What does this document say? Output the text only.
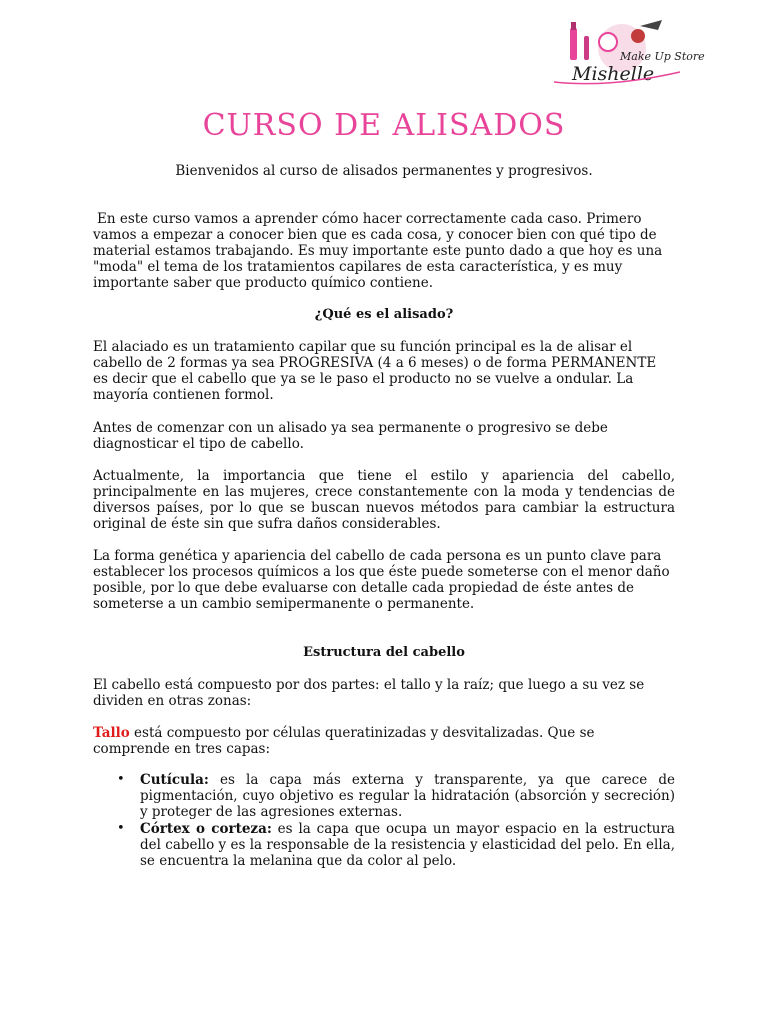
Make Up Store
Mishelle
CURSO DE ALISADOS

Bienvenidos al curso de alisados permanentes y progresivos.

En este curso vamos a aprender cómo hacer correctamente cada caso. Primero vamos a empezar a conocer bien que es cada cosa, y conocer bien con qué tipo de material estamos trabajando. Es muy importante este punto dado a que hoy es una "moda" el tema de los tratamientos capilares de esta característica, y es muy importante saber que producto químico contiene.

¿Qué es el alisado?

El alaciado es un tratamiento capilar que su función principal es la de alisar el cabello de 2 formas ya sea PROGRESIVA (4 a 6 meses) o de forma PERMANENTE es decir que el cabello que ya se le paso el producto no se vuelve a ondular. La mayoría contienen formol.

Antes de comenzar con un alisado ya sea permanente o progresivo se debe diagnosticar el tipo de cabello.

Actualmente, la importancia que tiene el estilo y apariencia del cabello, principalmente en las mujeres, crece constantemente con la moda y tendencias de diversos países, por lo que se buscan nuevos métodos para cambiar la estructura original de éste sin que sufra daños considerables.

La forma genética y apariencia del cabello de cada persona es un punto clave para establecer los procesos químicos a los que éste puede someterse con el menor daño posible, por lo que debe evaluarse con detalle cada propiedad de éste antes de someterse a un cambio semipermanente o permanente.

Estructura del cabello

El cabello está compuesto por dos partes: el tallo y la raíz; que luego a su vez se dividen en otras zonas:

Tallo está compuesto por células queratinizadas y desvitalizadas. Que se comprende en tres capas:

• Cutícula: es la capa más externa y transparente, ya que carece de pigmentación, cuyo objetivo es regular la hidratación (absorción y secreción) y proteger de las agresiones externas.
• Córtex o corteza: es la capa que ocupa un mayor espacio en la estructura del cabello y es la responsable de la resistencia y elasticidad del pelo. En ella, se encuentra la melanina que da color al pelo.
